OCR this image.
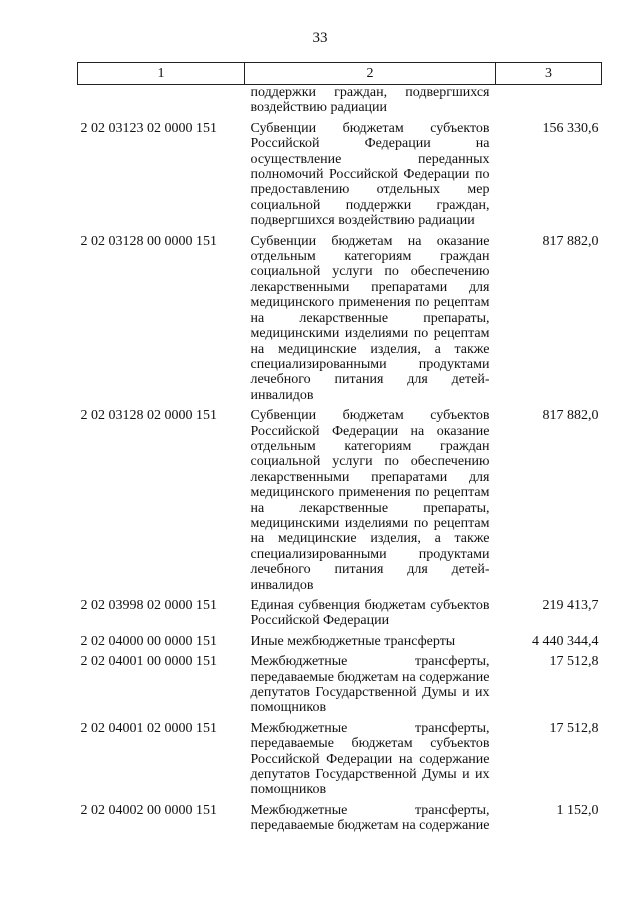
33
1	2	3

	поддержки граждан, подвергшихся воздействию радиации	

2 02 03123 02 0000 151	Субвенции бюджетам субъектов Российской Федерации на осуществление переданных полномочий Российской Федерации по предоставлению отдельных мер социальной поддержки граждан, подвергшихся воздействию радиации	156 330,6
2 02 03128 00 0000 151	Субвенции бюджетам на оказание отдельным категориям граждан социальной услуги по обеспечению лекарственными препаратами для медицинского применения по рецептам на лекарственные препараты, медицинскими изделиями по рецептам на медицинские изделия, а также специализированными продуктами лечебного питания для детей-инвалидов	817 882,0
2 02 03128 02 0000 151	Субвенции бюджетам субъектов Российской Федерации на оказание отдельным категориям граждан социальной услуги по обеспечению лекарственными препаратами для медицинского применения по рецептам на лекарственные препараты, медицинскими изделиями по рецептам на медицинские изделия, а также специализированными продуктами лечебного питания для детей-инвалидов	817 882,0
2 02 03998 02 0000 151	Единая субвенция бюджетам субъектов Российской Федерации	219 413,7
2 02 04000 00 0000 151	Иные межбюджетные трансферты	4 440 344,4
2 02 04001 00 0000 151	Межбюджетные трансферты, передаваемые бюджетам на содержание депутатов Государственной Думы и их помощников	17 512,8
2 02 04001 02 0000 151	Межбюджетные трансферты, передаваемые бюджетам субъектов Российской Федерации на содержание депутатов Государственной Думы и их помощников	17 512,8
2 02 04002 00 0000 151	Межбюджетные трансферты, передаваемые бюджетам на содержание	1 152,0
